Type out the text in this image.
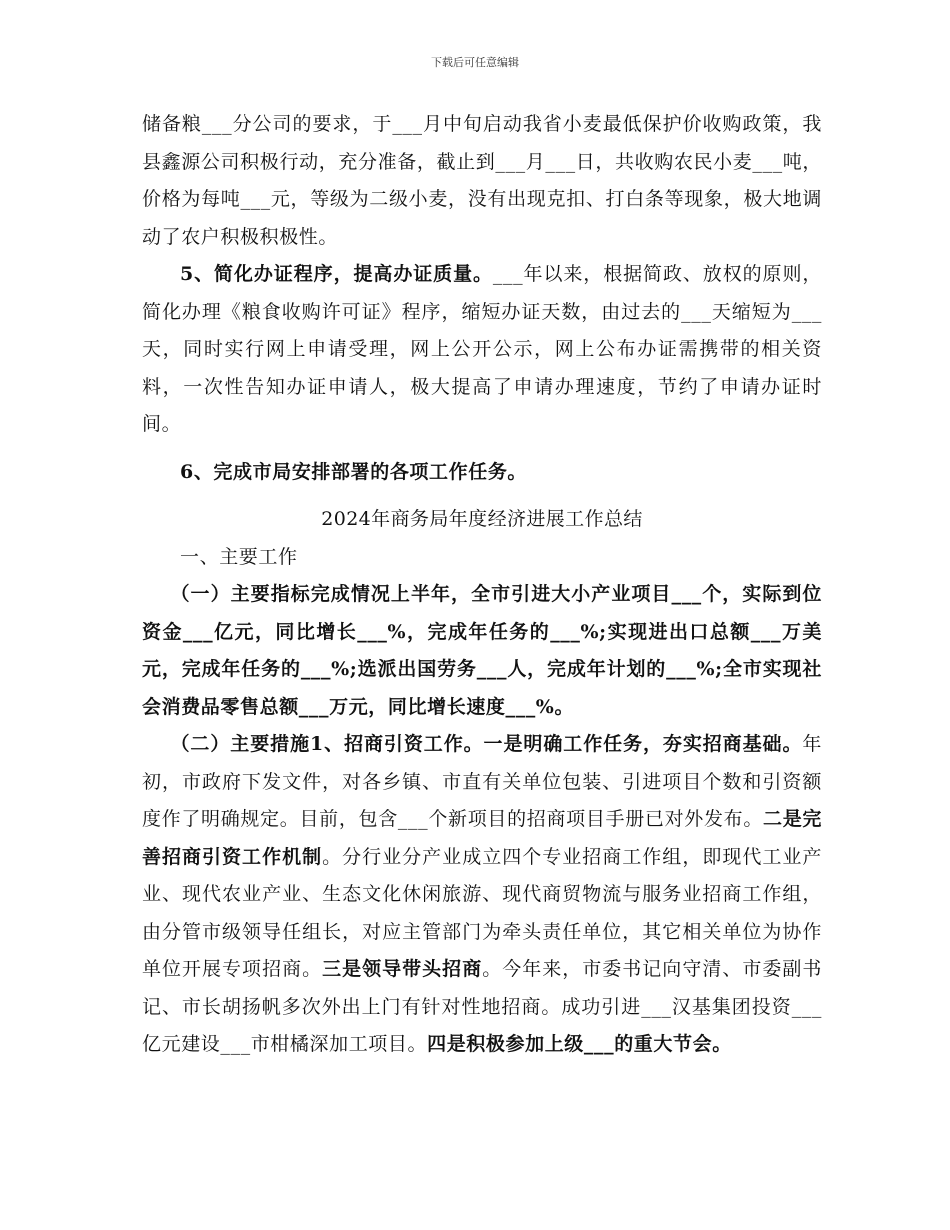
下载后可任意编辑

储备粮___分公司的要求，于___月中旬启动我省小麦最低保护价收购政策，我县鑫源公司积极行动，充分准备，截止到___月___日，共收购农民小麦___吨，价格为每吨___元，等级为二级小麦，没有出现克扣、打白条等现象，极大地调动了农户积极积极性。

5、简化办证程序，提高办证质量。___年以来，根据简政、放权的原则，简化办理《粮食收购许可证》程序，缩短办证天数，由过去的___天缩短为___天，同时实行网上申请受理，网上公开公示，网上公布办证需携带的相关资料，一次性告知办证申请人，极大提高了申请办理速度，节约了申请办证时间。

6、完成市局安排部署的各项工作任务。

2024年商务局年度经济进展工作总结

一、主要工作

（一）主要指标完成情况上半年，全市引进大小产业项目___个，实际到位资金___亿元，同比增长___%，完成年任务的___%;实现进出口总额___万美元，完成年任务的___%;选派出国劳务___人，完成年计划的___%;全市实现社会消费品零售总额___万元，同比增长速度___%。

（二）主要措施1、招商引资工作。一是明确工作任务，夯实招商基础。年初，市政府下发文件，对各乡镇、市直有关单位包装、引进项目个数和引资额度作了明确规定。目前，包含___个新项目的招商项目手册已对外发布。二是完善招商引资工作机制。分行业分产业成立四个专业招商工作组，即现代工业产业、现代农业产业、生态文化休闲旅游、现代商贸物流与服务业招商工作组，由分管市级领导任组长，对应主管部门为牵头责任单位，其它相关单位为协作单位开展专项招商。三是领导带头招商。今年来，市委书记向守清、市委副书记、市长胡扬帆多次外出上门有针对性地招商。成功引进___汉基集团投资___亿元建设___市柑橘深加工项目。四是积极参加上级___的重大节会。
